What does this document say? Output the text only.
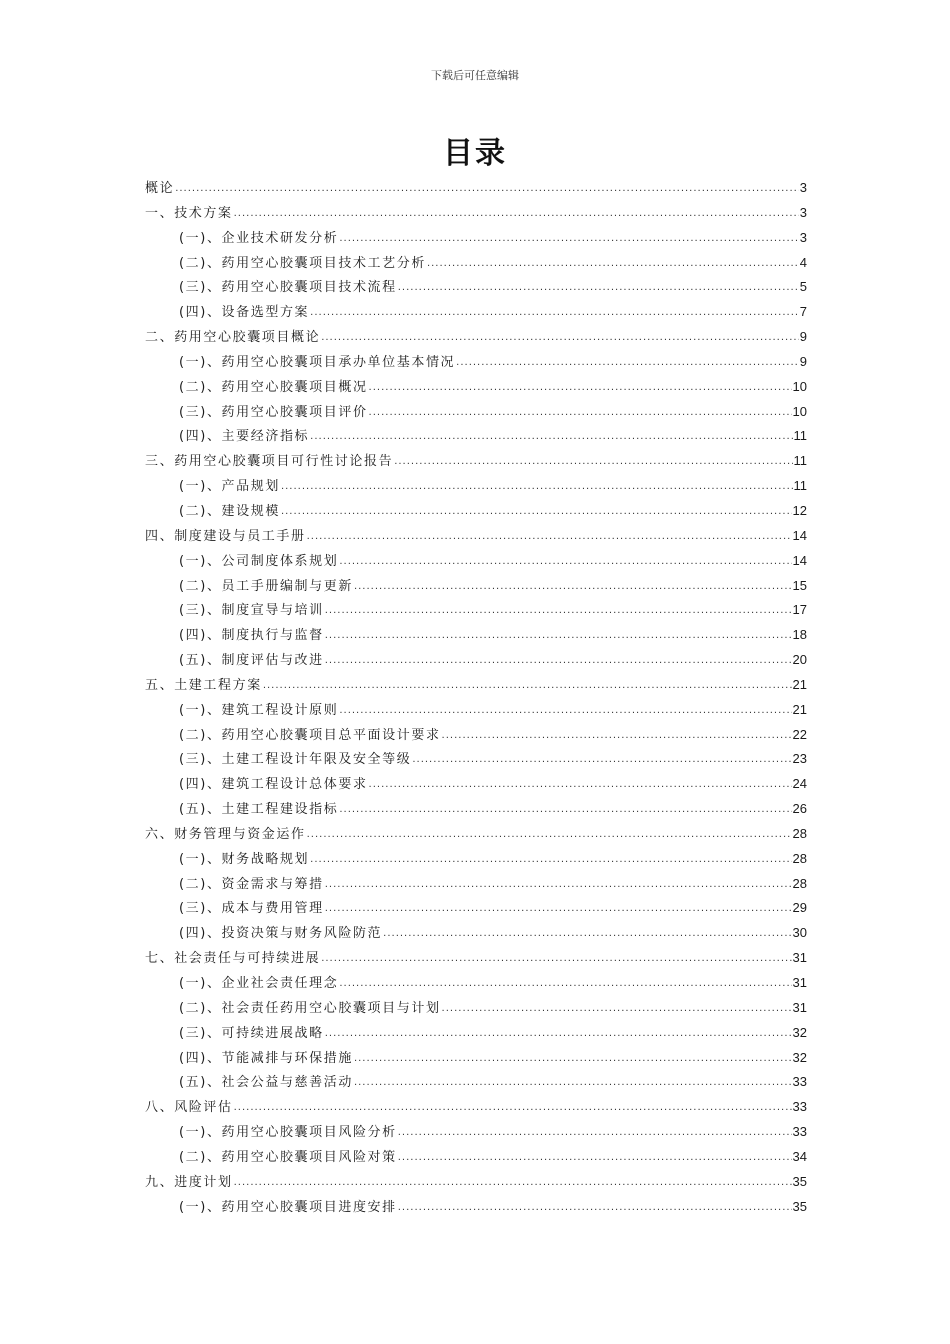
下载后可任意编辑
目录
概论 .....	3
一、技术方案 .....	3
(一)、企业技术研发分析 .....	3
(二)、药用空心胶囊项目技术工艺分析 .....	4
(三)、药用空心胶囊项目技术流程 .....	5
(四)、设备选型方案 .....	7
二、药用空心胶囊项目概论 .....	9
(一)、药用空心胶囊项目承办单位基本情况 .....	9
(二)、药用空心胶囊项目概况 .....	10
(三)、药用空心胶囊项目评价 .....	10
(四)、主要经济指标 .....	11
三、药用空心胶囊项目可行性讨论报告 .....	11
(一)、产品规划 .....	11
(二)、建设规模 .....	12
四、制度建设与员工手册 .....	14
(一)、公司制度体系规划 .....	14
(二)、员工手册编制与更新 .....	15
(三)、制度宣导与培训 .....	17
(四)、制度执行与监督 .....	18
(五)、制度评估与改进 .....	20
五、土建工程方案 .....	21
(一)、建筑工程设计原则 .....	21
(二)、药用空心胶囊项目总平面设计要求 .....	22
(三)、土建工程设计年限及安全等级 .....	23
(四)、建筑工程设计总体要求 .....	24
(五)、土建工程建设指标 .....	26
六、财务管理与资金运作 .....	28
(一)、财务战略规划 .....	28
(二)、资金需求与筹措 .....	28
(三)、成本与费用管理 .....	29
(四)、投资决策与财务风险防范 .....	30
七、社会责任与可持续进展 .....	31
(一)、企业社会责任理念 .....	31
(二)、社会责任药用空心胶囊项目与计划 .....	31
(三)、可持续进展战略 .....	32
(四)、节能减排与环保措施 .....	32
(五)、社会公益与慈善活动 .....	33
八、风险评估 .....	33
(一)、药用空心胶囊项目风险分析 .....	33
(二)、药用空心胶囊项目风险对策 .....	34
九、进度计划 .....	35
(一)、药用空心胶囊项目进度安排 .....	35
